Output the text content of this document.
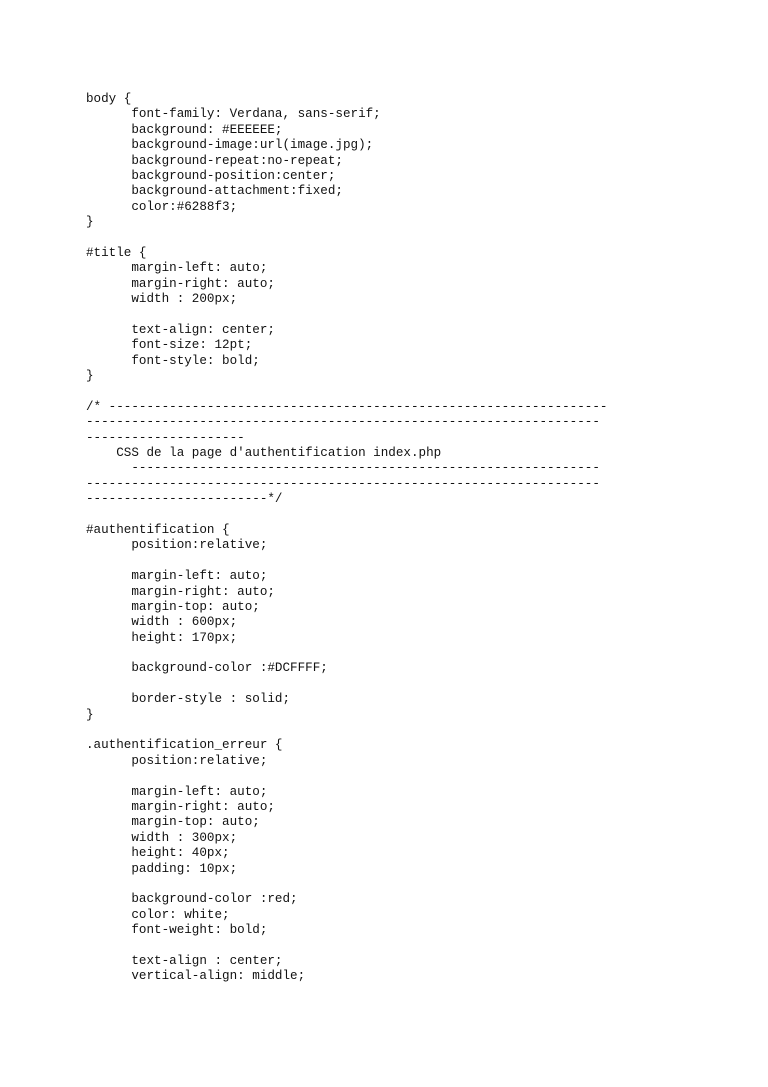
body {
font-family: Verdana, sans-serif;
background: #EEEEEE;
background-image:url(image.jpg);
background-repeat:no-repeat;
background-position:center;
background-attachment:fixed;
color:#6288f3;
}
#title {
margin-left: auto;
margin-right: auto;
width : 200px;
text-align: center;
font-size: 12pt;
font-style: bold;
}
/* ------------------------------------------------------------------
--------------------------------------------------------------------
---------------------
CSS de la page d'authentification index.php
--------------------------------------------------------------
--------------------------------------------------------------------
------------------------*/
#authentification {
position:relative;
margin-left: auto;
margin-right: auto;
margin-top: auto;
width : 600px;
height: 170px;
background-color :#DCFFFF;
border-style : solid;
}
.authentification_erreur {
position:relative;
margin-left: auto;
margin-right: auto;
margin-top: auto;
width : 300px;
height: 40px;
padding: 10px;
background-color :red;
color: white;
font-weight: bold;
text-align : center;
vertical-align: middle;
